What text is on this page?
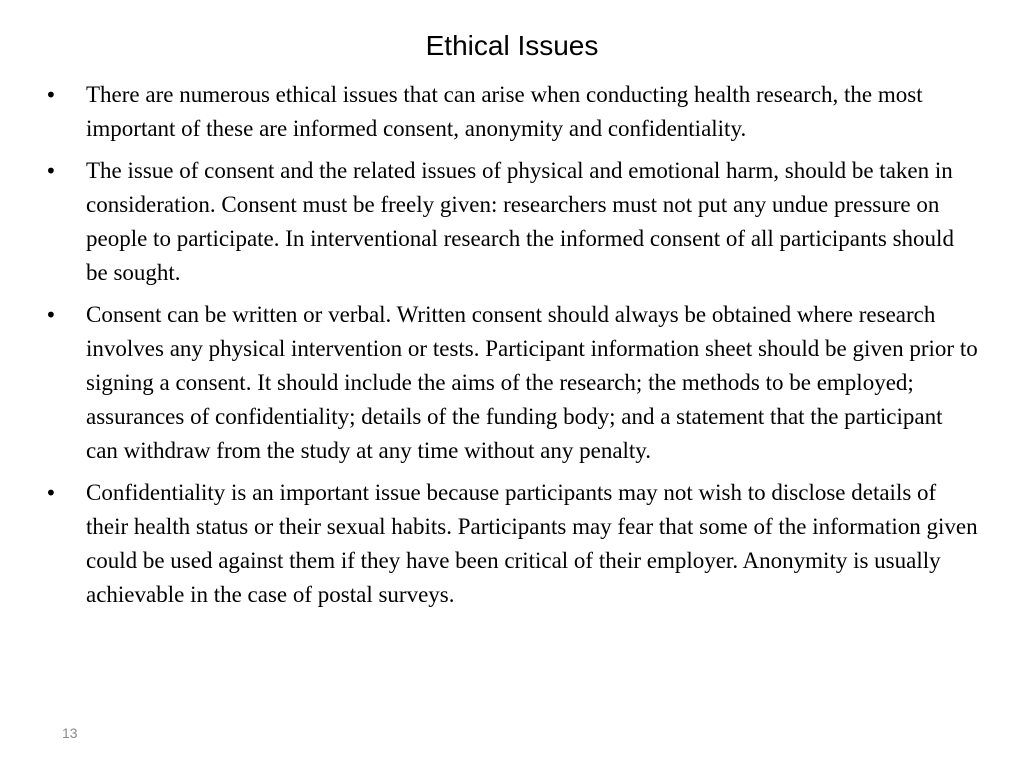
Ethical Issues
•	There are numerous ethical issues that can arise when conducting health research, the most important of these are informed consent, anonymity and confidentiality.
•	The issue of consent and the related issues of physical and emotional harm, should be taken in consideration. Consent must be freely given: researchers must not put any undue pressure on people to participate. In interventional research the informed consent of all participants should be sought.
•	Consent can be written or verbal. Written consent should always be obtained where research involves any physical intervention or tests. Participant information sheet should be given prior to signing a consent. It should include the aims of the research; the methods to be employed; assurances of confidentiality; details of the funding body; and a statement that the participant can withdraw from the study at any time without any penalty.
•	Confidentiality is an important issue because participants may not wish to disclose details of their health status or their sexual habits. Participants may fear that some of the information given could be used against them if they have been critical of their employer. Anonymity is usually achievable in the case of postal surveys.
13
